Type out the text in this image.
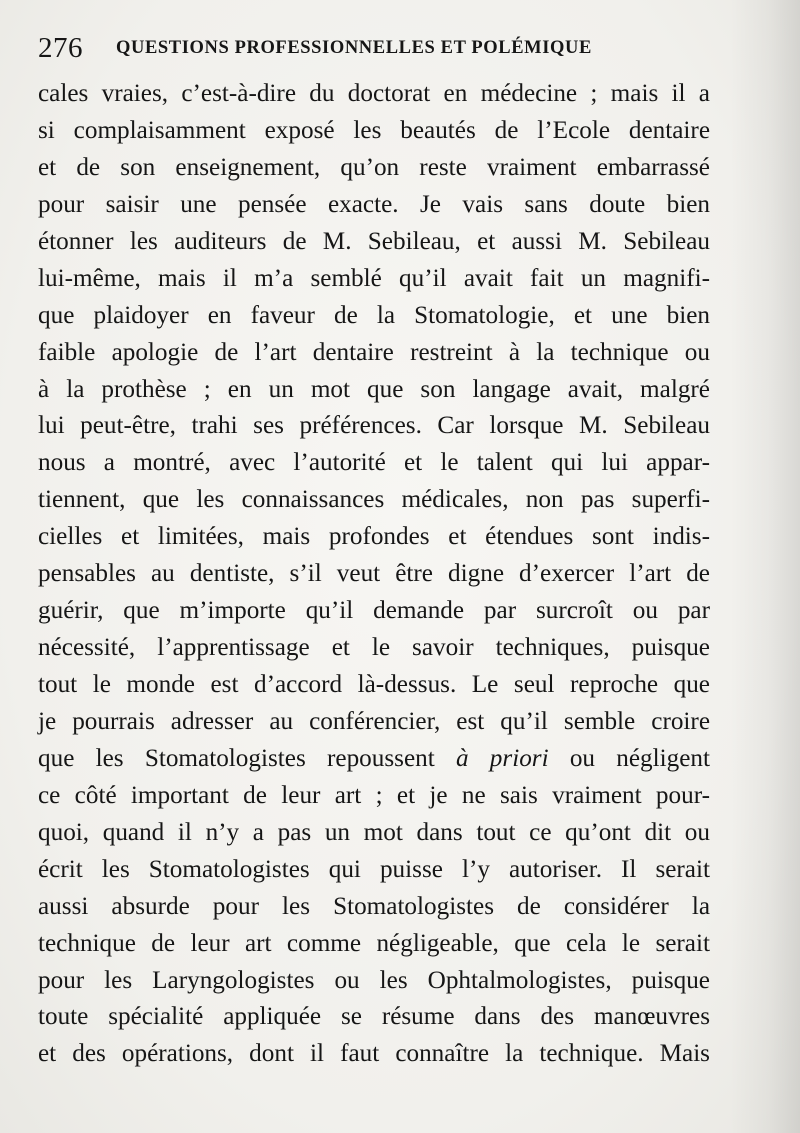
276 QUESTIONS PROFESSIONNELLES ET POLÉMIQUE
cales vraies, c’est-à-dire du doctorat en médecine ; mais il a
si complaisamment exposé les beautés de l’Ecole dentaire
et de son enseignement, qu’on reste vraiment embarrassé
pour saisir une pensée exacte. Je vais sans doute bien
étonner les auditeurs de M. Sebileau, et aussi M. Sebileau
lui-même, mais il m’a semblé qu’il avait fait un magnifi-
que plaidoyer en faveur de la Stomatologie, et une bien
faible apologie de l’art dentaire restreint à la technique ou
à la prothèse ; en un mot que son langage avait, malgré
lui peut-être, trahi ses préférences. Car lorsque M. Sebileau
nous a montré, avec l’autorité et le talent qui lui appar-
tiennent, que les connaissances médicales, non pas superfi-
cielles et limitées, mais profondes et étendues sont indis-
pensables au dentiste, s’il veut être digne d’exercer l’art de
guérir, que m’importe qu’il demande par surcroît ou par
nécessité, l’apprentissage et le savoir techniques, puisque
tout le monde est d’accord là-dessus. Le seul reproche que
je pourrais adresser au conférencier, est qu’il semble croire
que les Stomatologistes repoussent à priori ou négligent
ce côté important de leur art ; et je ne sais vraiment pour-
quoi, quand il n’y a pas un mot dans tout ce qu’ont dit ou
écrit les Stomatologistes qui puisse l’y autoriser. Il serait
aussi absurde pour les Stomatologistes de considérer la
technique de leur art comme négligeable, que cela le serait
pour les Laryngologistes ou les Ophtalmologistes, puisque
toute spécialité appliquée se résume dans des manœuvres
et des opérations, dont il faut connaître la technique. Mais
